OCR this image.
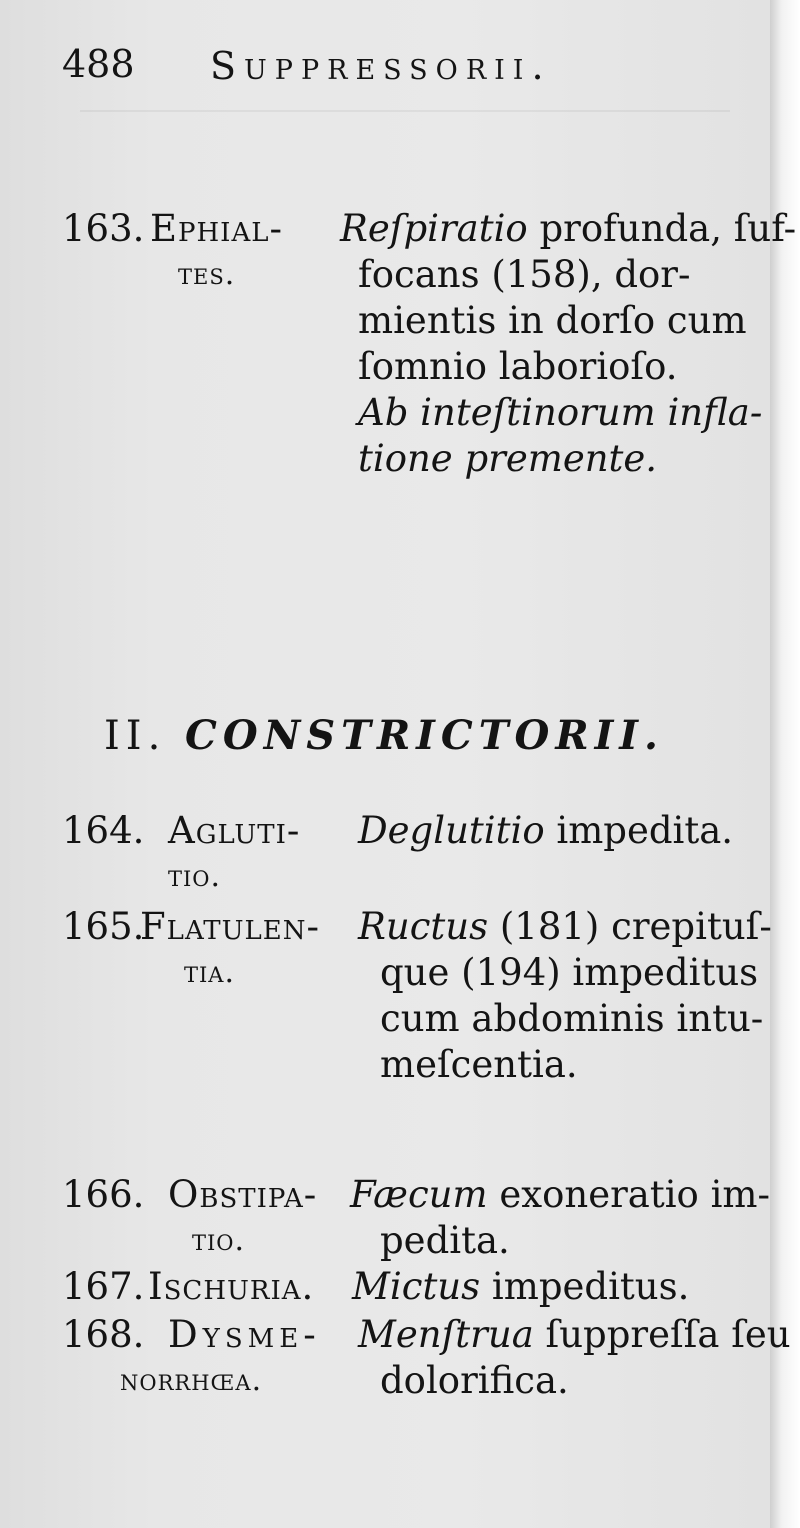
488 Suppressorii.
163. Ephial-
tes.
Reſpiratio profunda, ſuf-
focans (158), dor-
mientis in dorſo cum
ſomnio laborioſo.
Ab inteſtinorum infla-
tione premente.
II. CONSTRICTORII.
164. Agluti-
tio.
Deglutitio impedita.
165.
Flatulen-
tia.
Ructus (181) crepituſ-
que (194) impeditus
cum abdominis intu-
meſcentia.
166. Obstipa-
tio.
Fæcum exoneratio im-
pedita.
167. Ischuria. Mictus impeditus.
168. Dysme-
norrhœa.
Menſtrua ſuppreſſa ſeu
dolorifica.
